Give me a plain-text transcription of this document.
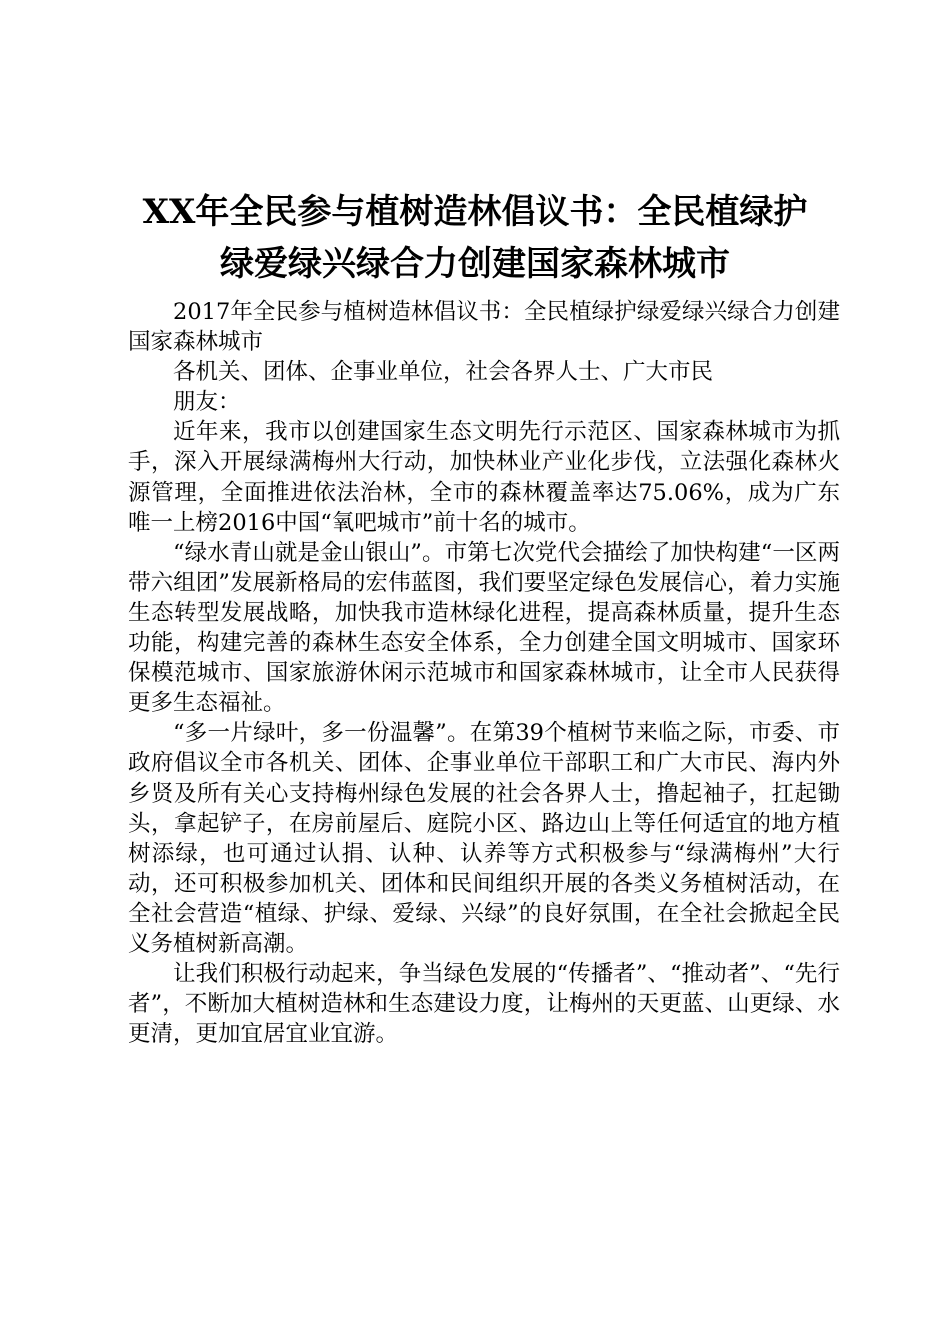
XX年全民参与植树造林倡议书：全民植绿护
绿爱绿兴绿合力创建国家森林城市

2017年全民参与植树造林倡议书：全民植绿护绿爱绿兴绿合力创建国家森林城市

各机关、团体、企事业单位，社会各界人士、广大市民

朋友：

近年来，我市以创建国家生态文明先行示范区、国家森林城市为抓手，深入开展绿满梅州大行动，加快林业产业化步伐，立法强化森林火源管理，全面推进依法治林，全市的森林覆盖率达75.06%，成为广东唯一上榜2016中国“氧吧城市”前十名的城市。

“绿水青山就是金山银山”。市第七次党代会描绘了加快构建“一区两带六组团”发展新格局的宏伟蓝图，我们要坚定绿色发展信心，着力实施生态转型发展战略，加快我市造林绿化进程，提高森林质量，提升生态功能，构建完善的森林生态安全体系，全力创建全国文明城市、国家环保模范城市、国家旅游休闲示范城市和国家森林城市，让全市人民获得更多生态福祉。

“多一片绿叶，多一份温馨”。在第39个植树节来临之际，市委、市政府倡议全市各机关、团体、企事业单位干部职工和广大市民、海内外乡贤及所有关心支持梅州绿色发展的社会各界人士，撸起袖子，扛起锄头，拿起铲子，在房前屋后、庭院小区、路边山上等任何适宜的地方植树添绿，也可通过认捐、认种、认养等方式积极参与“绿满梅州”大行动，还可积极参加机关、团体和民间组织开展的各类义务植树活动，在全社会营造“植绿、护绿、爱绿、兴绿”的良好氛围，在全社会掀起全民义务植树新高潮。

让我们积极行动起来，争当绿色发展的“传播者”、“推动者”、“先行者”，不断加大植树造林和生态建设力度，让梅州的天更蓝、山更绿、水更清，更加宜居宜业宜游。
